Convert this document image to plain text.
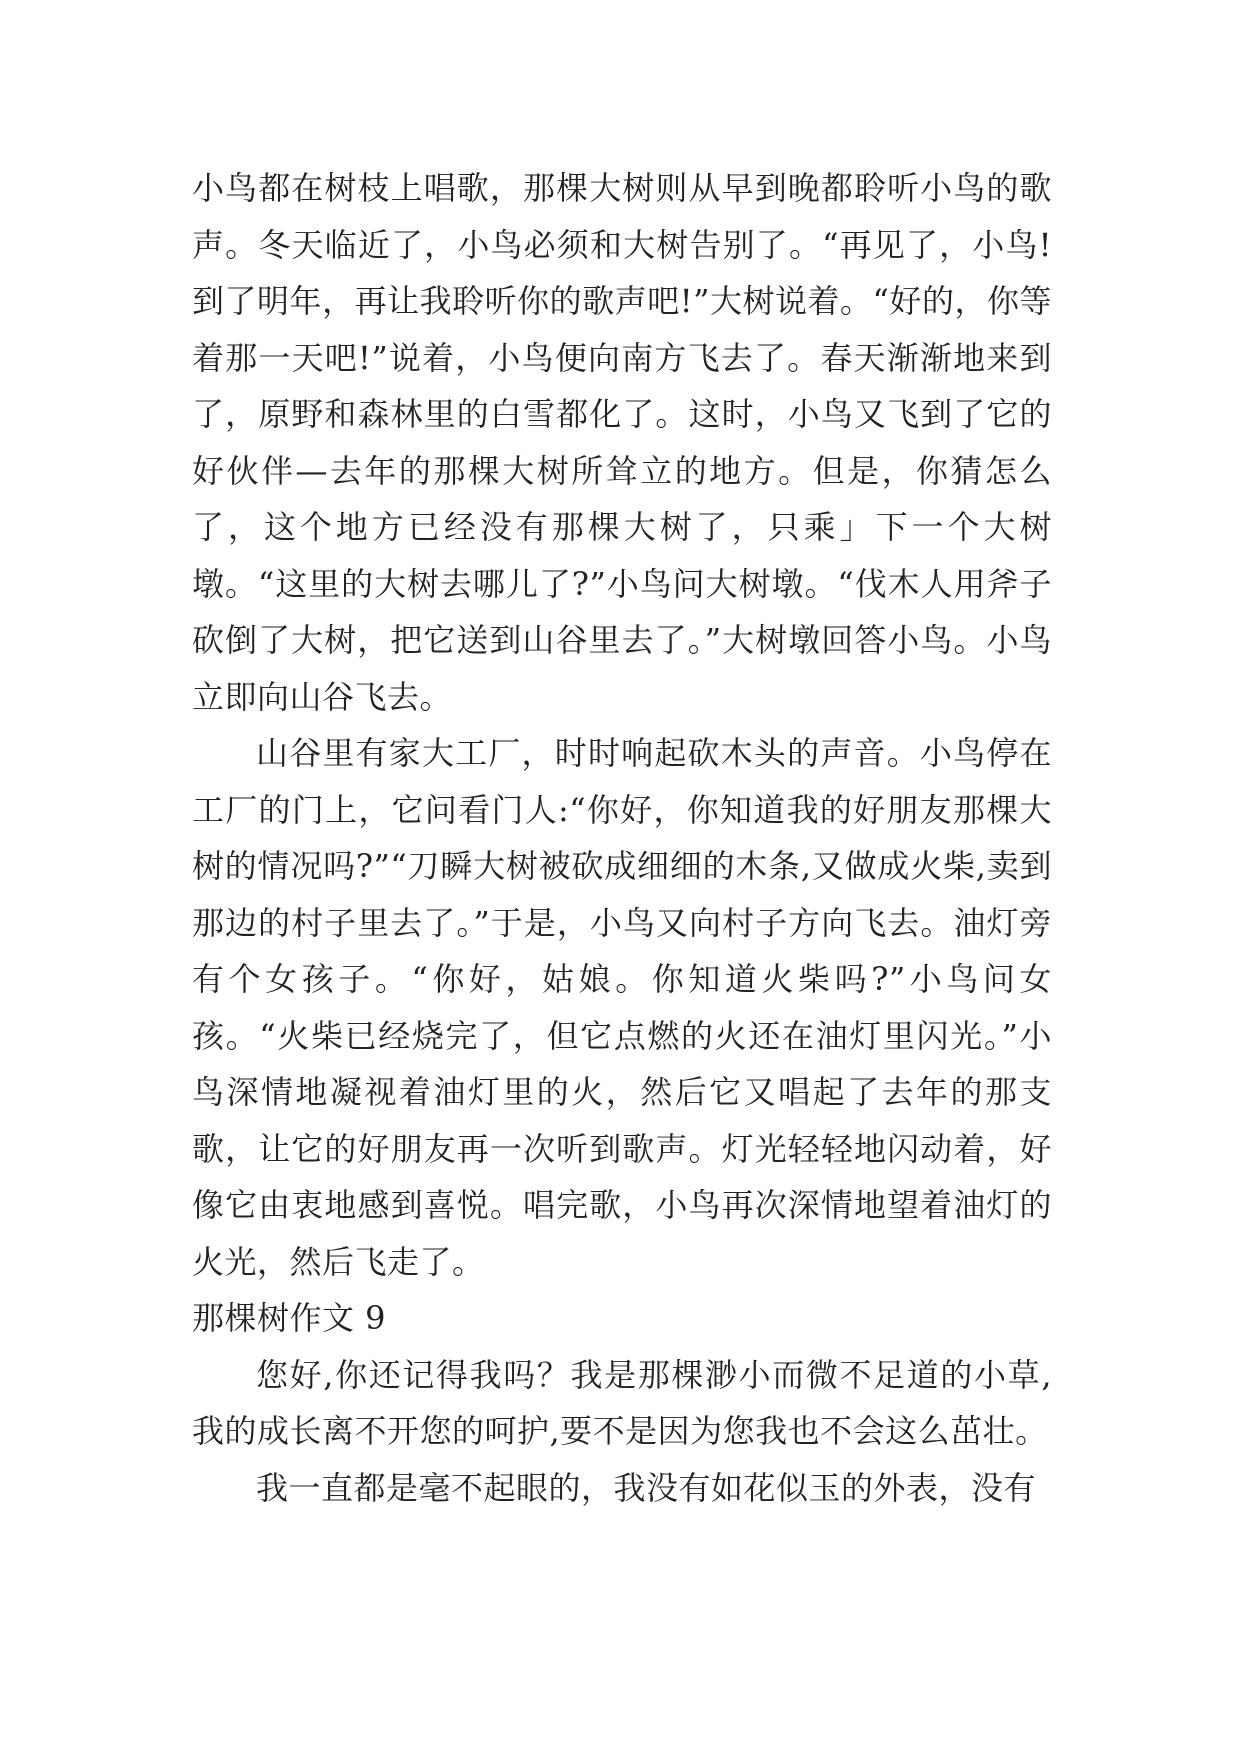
小鸟都在树枝上唱歌，那棵大树则从早到晚都聆听小鸟的歌声。冬天临近了，小鸟必须和大树告别了。“再见了，小鸟!到了明年，再让我聆听你的歌声吧!”大树说着。“好的，你等着那一天吧!”说着，小鸟便向南方飞去了。春天渐渐地来到了，原野和森林里的白雪都化了。这时，小鸟又飞到了它的好伙伴—去年的那棵大树所耸立的地方。但是，你猜怎么了，这个地方已经没有那棵大树了，只乘」下一个大树墩。“这里的大树去哪儿了?”小鸟问大树墩。“伐木人用斧子砍倒了大树，把它送到山谷里去了。”大树墩回答小鸟。小鸟立即向山谷飞去。

山谷里有家大工厂，时时响起砍木头的声音。小鸟停在工厂的门上，它问看门人:“你好，你知道我的好朋友那棵大树的情况吗?”“刀瞬大树被砍成细细的木条,又做成火柴,卖到那边的村子里去了。”于是，小鸟又向村子方向飞去。油灯旁有个女孩子。“你好，姑娘。你知道火柴吗?”小鸟问女孩。“火柴已经烧完了，但它点燃的火还在油灯里闪光。”小鸟深情地凝视着油灯里的火，然后它又唱起了去年的那支歌，让它的好朋友再一次听到歌声。灯光轻轻地闪动着，好像它由衷地感到喜悦。唱完歌，小鸟再次深情地望着油灯的火光，然后飞走了。

那棵树作文 9

您好,你还记得我吗？我是那棵渺小而微不足道的小草,我的成长离不开您的呵护,要不是因为您我也不会这么茁壮。

我一直都是毫不起眼的，我没有如花似玉的外表，没有
